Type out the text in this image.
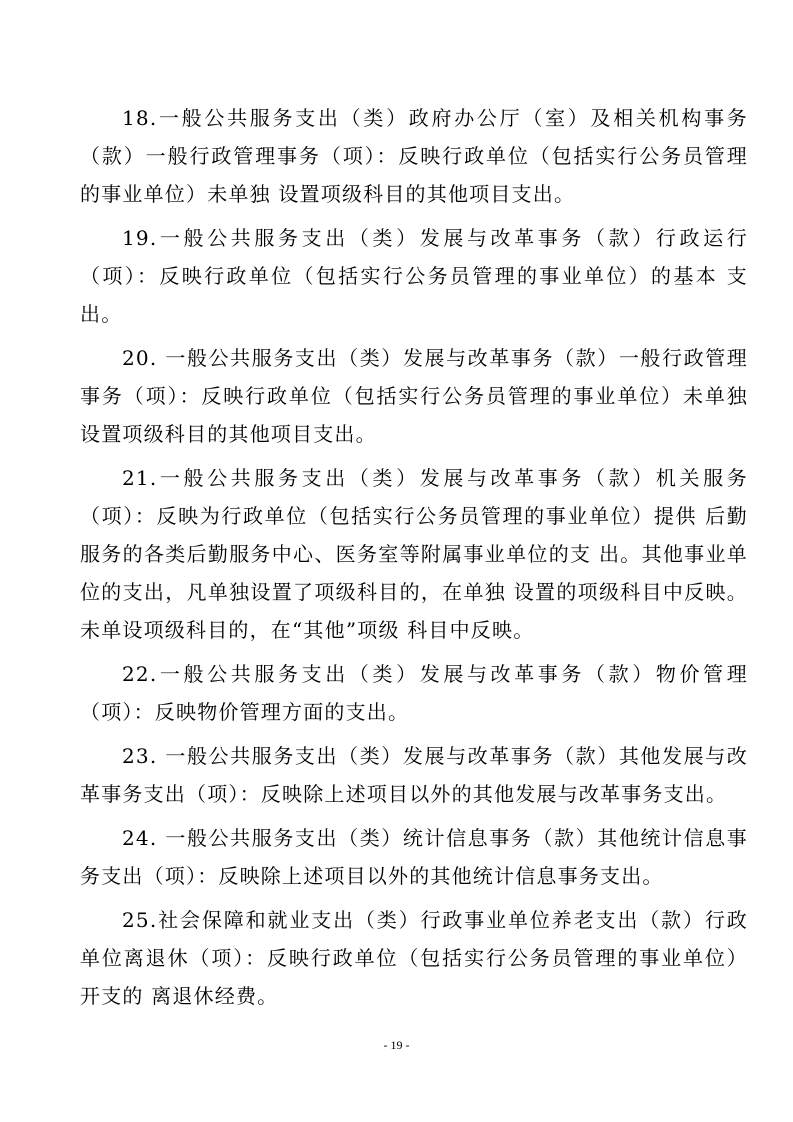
18.一般公共服务支出（类）政府办公厅（室）及相关机构事务（款）一般行政管理事务（项）：反映行政单位（包括实行公务员管理的事业单位）未单独 设置项级科目的其他项目支出。

19.一般公共服务支出（类）发展与改革事务（款）行政运行（项）：反映行政单位（包括实行公务员管理的事业单位）的基本 支出。

20. 一般公共服务支出（类）发展与改革事务（款）一般行政管理事务（项）：反映行政单位（包括实行公务员管理的事业单位）未单独设置项级科目的其他项目支出。

21.一般公共服务支出（类）发展与改革事务（款）机关服务（项）：反映为行政单位（包括实行公务员管理的事业单位）提供 后勤服务的各类后勤服务中心、医务室等附属事业单位的支 出。其他事业单位的支出，凡单独设置了项级科目的，在单独 设置的项级科目中反映。未单设项级科目的，在“其他”项级 科目中反映。

22.一般公共服务支出（类）发展与改革事务（款）物价管理（项）：反映物价管理方面的支出。

23. 一般公共服务支出（类）发展与改革事务（款）其他发展与改革事务支出（项）：反映除上述项目以外的其他发展与改革事务支出。

24. 一般公共服务支出（类）统计信息事务（款）其他统计信息事务支出（项）：反映除上述项目以外的其他统计信息事务支出。

25.社会保障和就业支出（类）行政事业单位养老支出（款）行政单位离退休（项）：反映行政单位（包括实行公务员管理的事业单位）开支的 离退休经费。

- 19 -
